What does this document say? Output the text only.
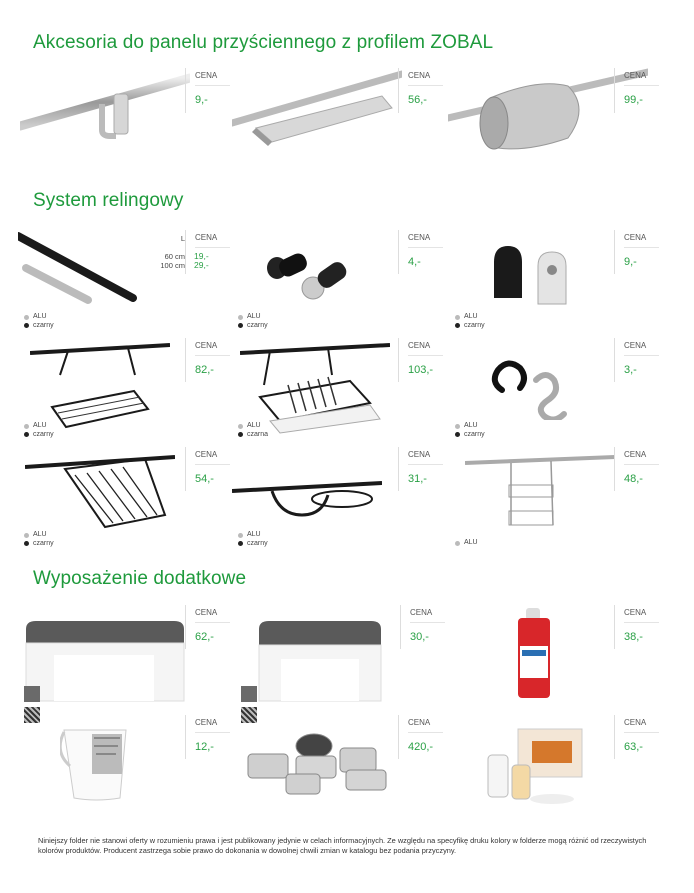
Akcesoria do panelu przyściennego z profilem ZOBAL
System relingowy
Wyposażenie dodatkowe
CENA
9,-
CENA
56,-
CENA
99,-
L
60 cm
100 cm
CENA
19,-
29,-
ALU
czarny
CENA
4,-
ALU
czarny
CENA
9,-
ALU
czarny
CENA
82,-
ALU
czarny
CENA
103,-
ALU
czarna
CENA
3,-
ALU
czarny
CENA
54,-
ALU
czarny
CENA
31,-
ALU
czarny
CENA
48,-
ALU

CENA
62,-

CENA
30,-
CENA
38,-
CENA
12,-
CENA
420,-
CENA
63,-
Niniejszy folder nie stanowi oferty w rozumieniu prawa i jest publikowany jedynie w celach informacyjnych. Ze względu na specyfikę druku kolory w folderze mogą różnić od rzeczywistych kolorów produktów. Producent zastrzega sobie prawo do dokonania w dowolnej chwili zmian w katalogu bez podania przyczyny.
